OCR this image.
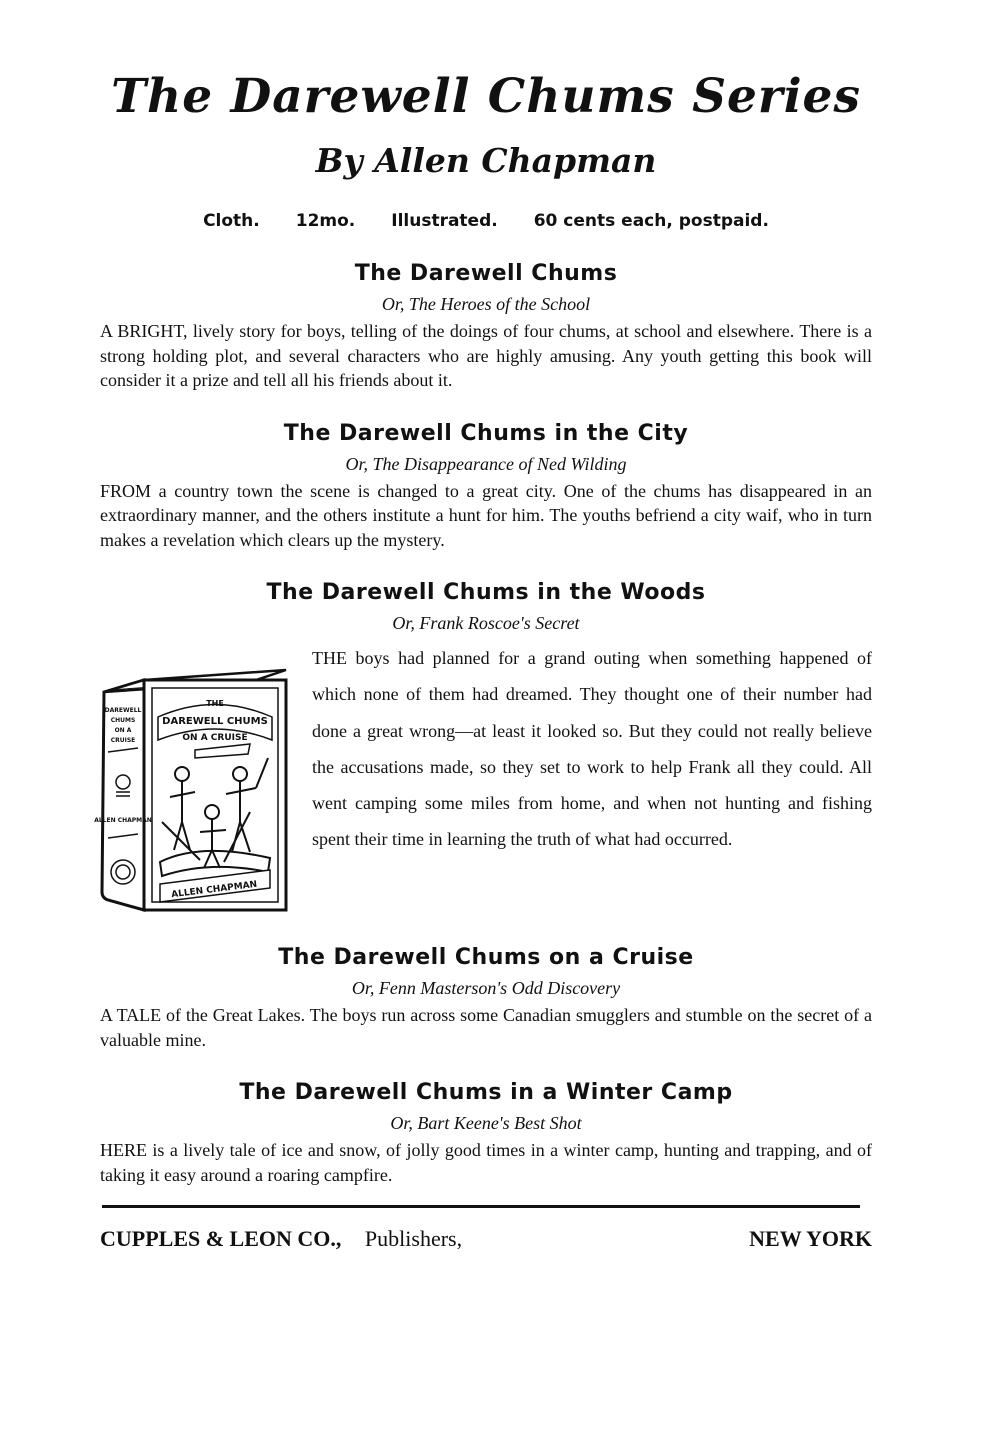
The Darewell Chums Series
By Allen Chapman
Cloth. 12mo. Illustrated. 60 cents each, postpaid.
The Darewell Chums
Or, The Heroes of the School

A BRIGHT, lively story for boys, telling of the doings of four chums, at school and elsewhere. There is a strong holding plot, and several characters who are highly amusing. Any youth getting this book will consider it a prize and tell all his friends about it.

The Darewell Chums in the City
Or, The Disappearance of Ned Wilding

FROM a country town the scene is changed to a great city. One of the chums has disappeared in an extraordinary manner, and the others institute a hunt for him. The youths befriend a city waif, who in turn makes a revelation which clears up the mystery.

The Darewell Chums in the Woods
Or, Frank Roscoe's Secret
THE
DAREWELL CHUMS
ON A CRUISE
ALLEN CHAPMAN
DAREWELL
CHUMS
ON A
CRUISE
ALLEN CHAPMAN

THE boys had planned for a grand outing when something happened of which none of them had dreamed. They thought one of their number had done a great wrong—at least it looked so. But they could not really believe the accusations made, so they set to work to help Frank all they could. All went camping some miles from home, and when not hunting and fishing spent their time in learning the truth of what had occurred.

The Darewell Chums on a Cruise
Or, Fenn Masterson's Odd Discovery

A TALE of the Great Lakes. The boys run across some Canadian smugglers and stumble on the secret of a valuable mine.

The Darewell Chums in a Winter Camp
Or, Bart Keene's Best Shot

HERE is a lively tale of ice and snow, of jolly good times in a winter camp, hunting and trapping, and of taking it easy around a roaring campfire.

CUPPLES & LEON CO., Publishers,	NEW YORK
